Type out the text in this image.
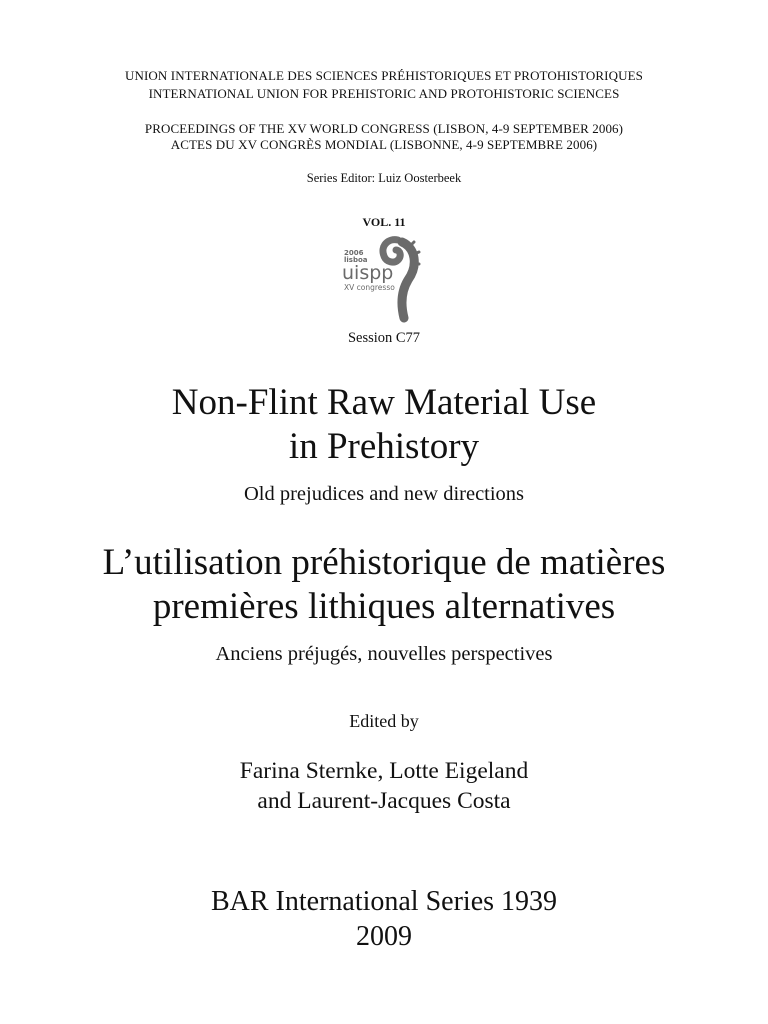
UNION INTERNATIONALE DES SCIENCES PRÉHISTORIQUES ET PROTOHISTORIQUES
INTERNATIONAL UNION FOR PREHISTORIC AND PROTOHISTORIC SCIENCES
PROCEEDINGS OF THE XV WORLD CONGRESS (LISBON, 4-9 SEPTEMBER 2006)
ACTES DU XV CONGRÈS MONDIAL (LISBONNE, 4-9 SEPTEMBRE 2006)
Series Editor: Luiz Oosterbeek
VOL. 11
2006
lisboa
uispp
XV congresso
Session C77
Non-Flint Raw Material Use
in Prehistory
Old prejudices and new directions
L’utilisation préhistorique de matières
premières lithiques alternatives
Anciens préjugés, nouvelles perspectives
Edited by
Farina Sternke, Lotte Eigeland
and Laurent-Jacques Costa
BAR International Series 1939
2009
